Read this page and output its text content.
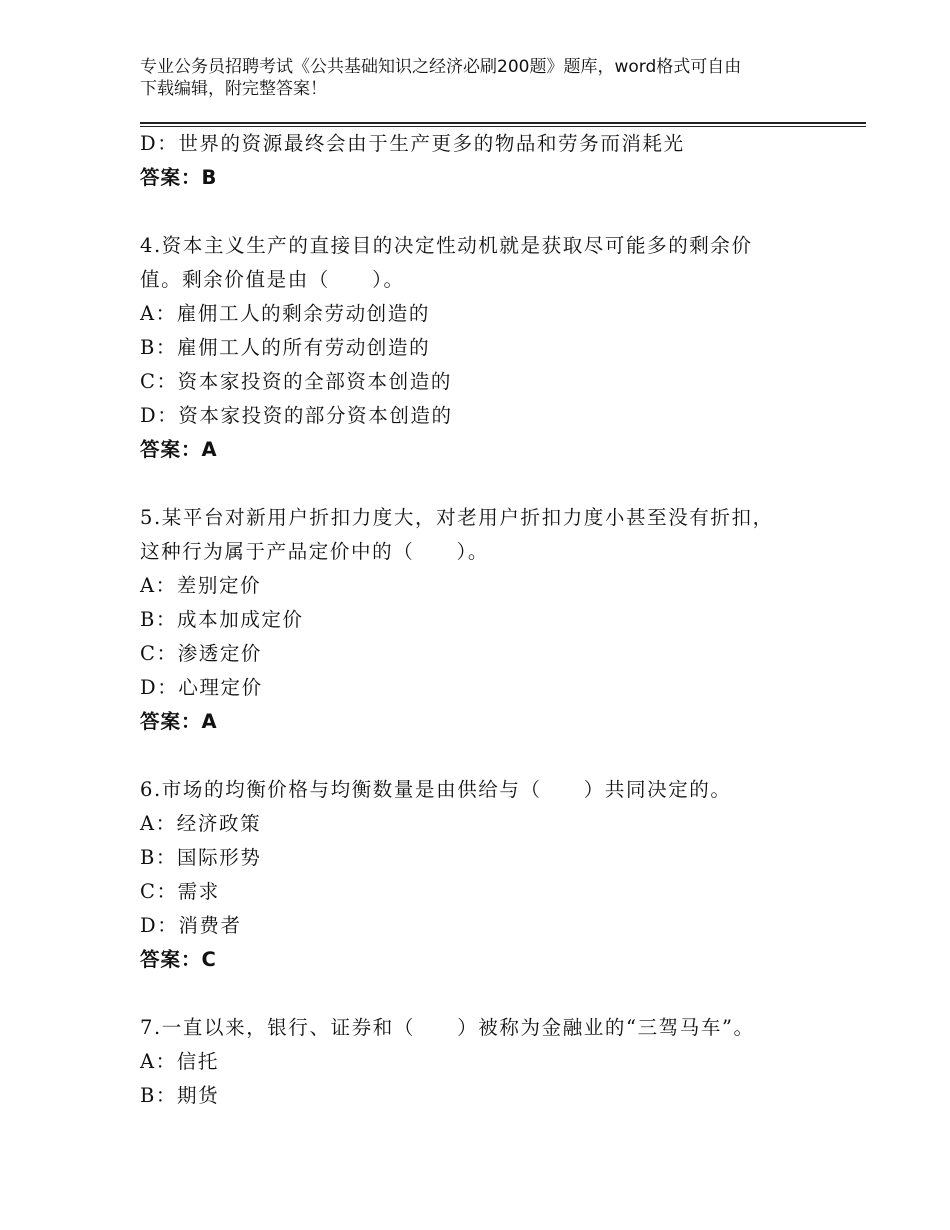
专业公务员招聘考试《公共基础知识之经济必刷200题》题库，word格式可自由
下载编辑，附完整答案！
D：世界的资源最终会由于生产更多的物品和劳务而消耗光
答案：B
4.资本主义生产的直接目的决定性动机就是获取尽可能多的剩余价
值。剩余价值是由（　　）。
A：雇佣工人的剩余劳动创造的
B：雇佣工人的所有劳动创造的
C：资本家投资的全部资本创造的
D：资本家投资的部分资本创造的
答案：A
5.某平台对新用户折扣力度大，对老用户折扣力度小甚至没有折扣，
这种行为属于产品定价中的（　　）。
A：差别定价
B：成本加成定价
C：渗透定价
D：心理定价
答案：A
6.市场的均衡价格与均衡数量是由供给与（　　）共同决定的。
A：经济政策
B：国际形势
C：需求
D：消费者
答案：C
7.一直以来，银行、证券和（　　）被称为金融业的“三驾马车”。
A：信托
B：期货
